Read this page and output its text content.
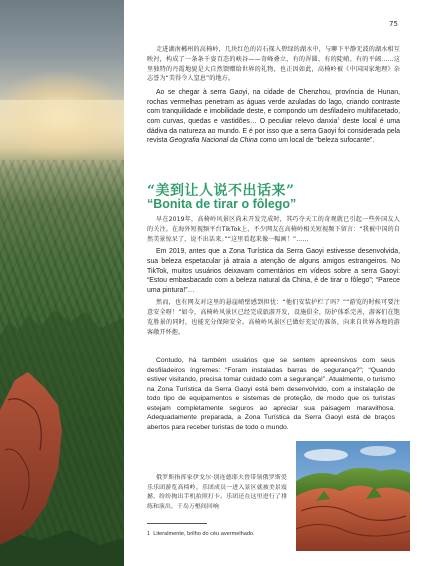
75

走进湖南郴州的高椅岭，几块红色的岩石探入碧绿的湖水中，与聊下平静无波的湖水相互映衬，构成了一条条千姿百态的峡谷——奇峰叠立、有的浑圆、有的陡峭、有的平阔……这里独特的丹霞地貌是大自然馈赠给世界的礼物，也正因如此，高椅岭被《中国国家地理》杂志誉为“美得令人窒息”的地方。

Ao se chegar à serra Gaoyi, na cidade de Chenzhou, província de Hunan, rochas vermelhas penetram as águas verde azuladas do lago, criando contraste com tranquilidade e imobilidade deste, e compondo um desfiladeiro multifacetado, com curvas, quedas e vastidões… O peculiar relevo danxia$^1$ deste local é uma dádiva da natureza ao mundo. E é por isso que a serra Gaoyi foi considerada pela revista Geografia Nacional da China como um local de “beleza sufocante”.

“美到让人说不出话来”
“Bonita de tirar o fôlego”

早在2019年，高椅岭风景区尚未开发完成时，其巧夺天工的奇观就已引起一些外国友人的关注。在海外短视频平台TikTok上，不少网友在高椅岭相关短视频下留言：“我被中国的自然美景惊呆了，说不出话来。”“这里看起来像一幅画！”……

Em 2019, antes que a Zona Turística da Serra Gaoyi estivesse desenvolvida, sua beleza espetacular já atraía a atenção de alguns amigos estrangeiros. No TikTok, muitos usuários deixavam comentários em vídeos sobre a serra Gaoyi: “Estou embasbacado com a beleza natural da China, é de tirar o fôlego”; “Parece uma pintura!”…

然而，也有网友对这里的悬崖峭壁感到担忧：“他们安装护栏了吗？”“游览的时候可要注意安全呀！”如今，高椅岭风景区已经完成旅游开发，设施俱全，防护体系完善，游客们在饱览胜景的同时，也能充分保障安全。高椅岭风景区已做好充足的准备，向来自世界各地的游客敞开怀抱。

Contudo, há também usuários que se sentem apreensivos com seus desfiladeiros íngremes: “Foram instaladas barras de segurança?”; “Quando estiver visitando, precisa tomar cuidado com a segurança!”. Atualmente, o turismo na Zona Turística da Serra Gaoyi está bem desenvolvido, com a instalação de todo tipo de equipamentos e sistemas de proteção, de modo que os turistas estejam completamente seguros ao apreciar sua paisagem maravilhosa. Adequadamente preparada, a Zona Turística da Serra Gaoyi está de braços abertos para receber turistas de todo o mundo.

俄罗斯指挥家伊戈尔·别连德耶夫曾带领俄罗斯爱乐乐团游览高椅岭。乐团成员一进入景区就被美景震撼，纷纷掏出手机拍照打卡。乐团还在这里进行了排练和演出，千岛万壑间回响

1 Literalmente, brilho do céu avermelhado.
